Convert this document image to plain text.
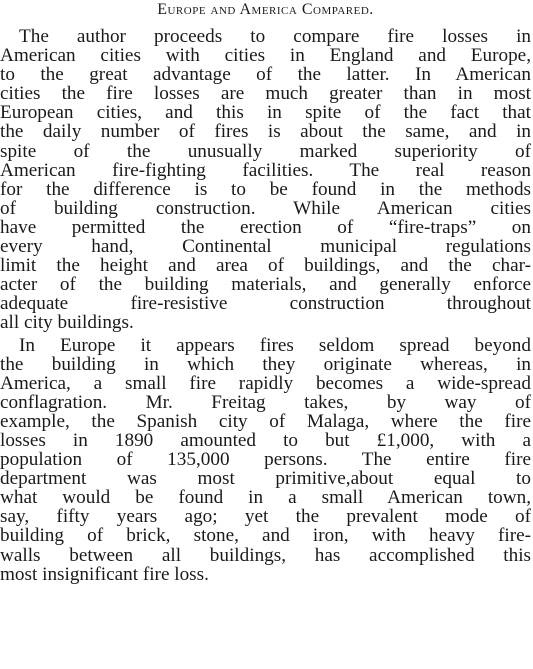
Europe and America Compared.
The author proceeds to compare fire losses in
American cities with cities in England and Europe,
to the great advantage of the latter. In American
cities the fire losses are much greater than in most
European cities, and this in spite of the fact that
the daily number of fires is about the same, and in
spite of the unusually marked superiority of
American fire-fighting facilities. The real reason
for the difference is to be found in the methods
of building construction. While American cities
have permitted the erection of “fire-traps” on
every hand, Continental municipal regulations
limit the height and area of buildings, and the char-
acter of the building materials, and generally enforce
adequate fire-resistive construction throughout
all city buildings.
In Europe it appears fires seldom spread beyond
the building in which they originate whereas, in
America, a small fire rapidly becomes a wide-spread
conflagration. Mr. Freitag takes, by way of
example, the Spanish city of Malaga, where the fire
losses in 1890 amounted to but £1,000, with a
population of 135,000 persons. The entire fire
department was most primitive,about equal to
what would be found in a small American town,
say, fifty years ago; yet the prevalent mode of
building of brick, stone, and iron, with heavy fire-
walls between all buildings, has accomplished this
most insignificant fire loss.
